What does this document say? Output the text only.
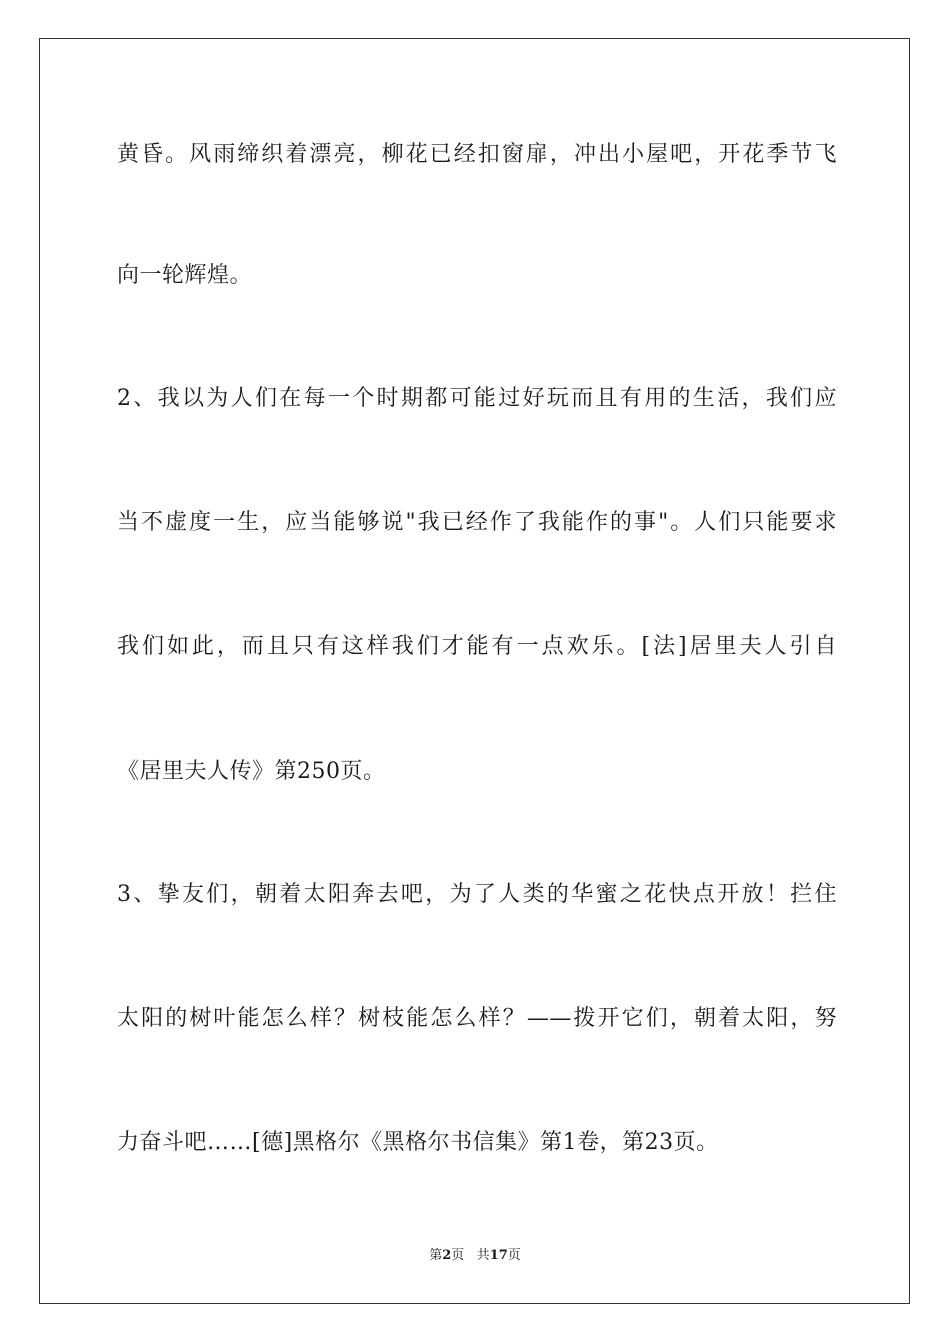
黄昏。风雨缔织着漂亮，柳花已经扣窗扉，冲出小屋吧，开花季节飞
向一轮辉煌。
2、我以为人们在每一个时期都可能过好玩而且有用的生活，我们应
当不虚度一生，应当能够说"我已经作了我能作的事"。人们只能要求
我们如此，而且只有这样我们才能有一点欢乐。[法]居里夫人引自
《居里夫人传》第250页。
3、挚友们，朝着太阳奔去吧，为了人类的华蜜之花快点开放！拦住
太阳的树叶能怎么样？树枝能怎么样？——拨开它们，朝着太阳，努
力奋斗吧……[德]黑格尔《黑格尔书信集》第1卷，第23页。
第2页 共17页
